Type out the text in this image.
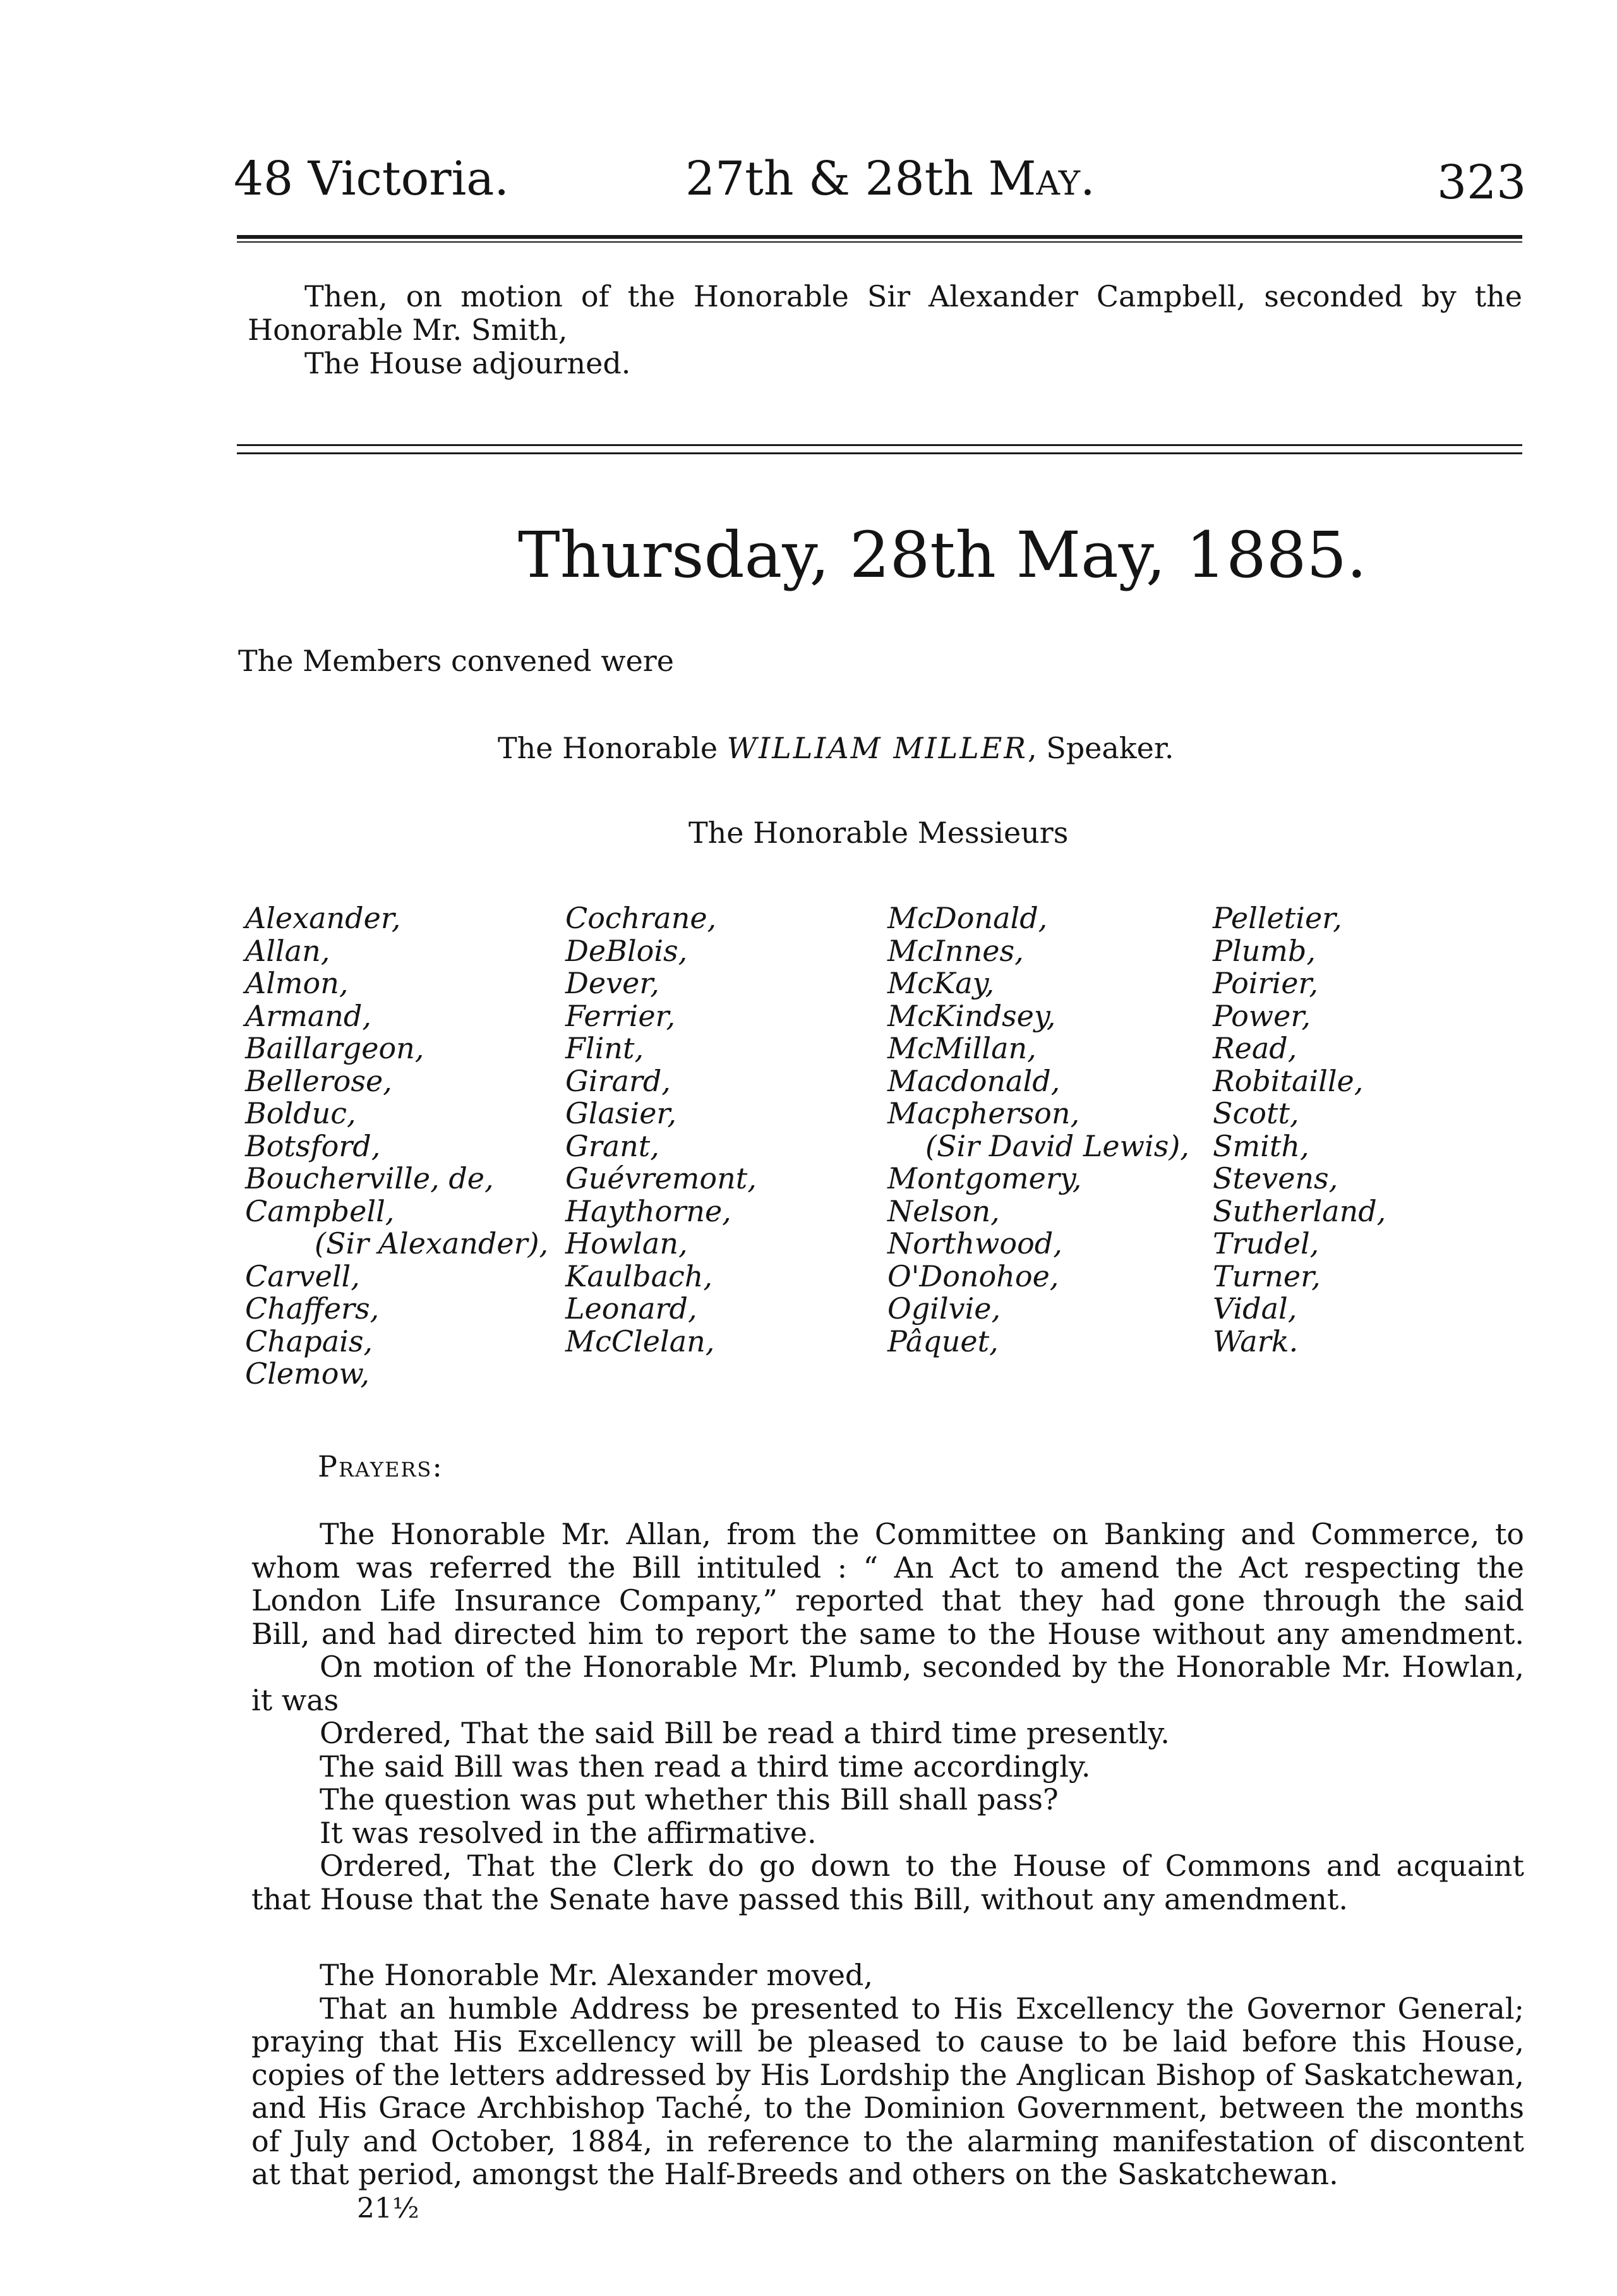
48 Victoria.	27th & 28th May.	323
Then, on motion of the Honorable Sir Alexander Campbell, seconded by the
Honorable Mr. Smith,
The House adjourned.
Thursday, 28th May, 1885.
The Members convened were
The Honorable WILLIAM MILLER, Speaker.
The Honorable Messieurs
Alexander,
Allan,
Almon,
Armand,
Baillargeon,
Bellerose,
Bolduc,
Botsford,
Boucherville, de,
Campbell,
(Sir Alexander),
Carvell,
Chaffers,
Chapais,
Clemow,
Cochrane,
DeBlois,
Dever,
Ferrier,
Flint,
Girard,
Glasier,
Grant,
Guévremont,
Haythorne,
Howlan,
Kaulbach,
Leonard,
McClelan,
McDonald,
McInnes,
McKay,
McKindsey,
McMillan,
Macdonald,
Macpherson,
(Sir David Lewis),
Montgomery,
Nelson,
Northwood,
O'Donohoe,
Ogilvie,
Pâquet,
Pelletier,
Plumb,
Poirier,
Power,
Read,
Robitaille,
Scott,
Smith,
Stevens,
Sutherland,
Trudel,
Turner,
Vidal,
Wark.
Prayers:
The Honorable Mr. Allan, from the Committee on Banking and Commerce, to
whom was referred the Bill intituled : “ An Act to amend the Act respecting the
London Life Insurance Company,” reported that they had gone through the said
Bill, and had directed him to report the same to the House without any amendment.
On motion of the Honorable Mr. Plumb, seconded by the Honorable Mr. Howlan,
it was
Ordered, That the said Bill be read a third time presently.
The said Bill was then read a third time accordingly.
The question was put whether this Bill shall pass?
It was resolved in the affirmative.
Ordered, That the Clerk do go down to the House of Commons and acquaint
that House that the Senate have passed this Bill, without any amendment.
The Honorable Mr. Alexander moved,
That an humble Address be presented to His Excellency the Governor General;
praying that His Excellency will be pleased to cause to be laid before this House,
copies of the letters addressed by His Lordship the Anglican Bishop of Saskatchewan,
and His Grace Archbishop Taché, to the Dominion Government, between the months
of July and October, 1884, in reference to the alarming manifestation of discontent
at that period, amongst the Half-Breeds and others on the Saskatchewan.
21½
